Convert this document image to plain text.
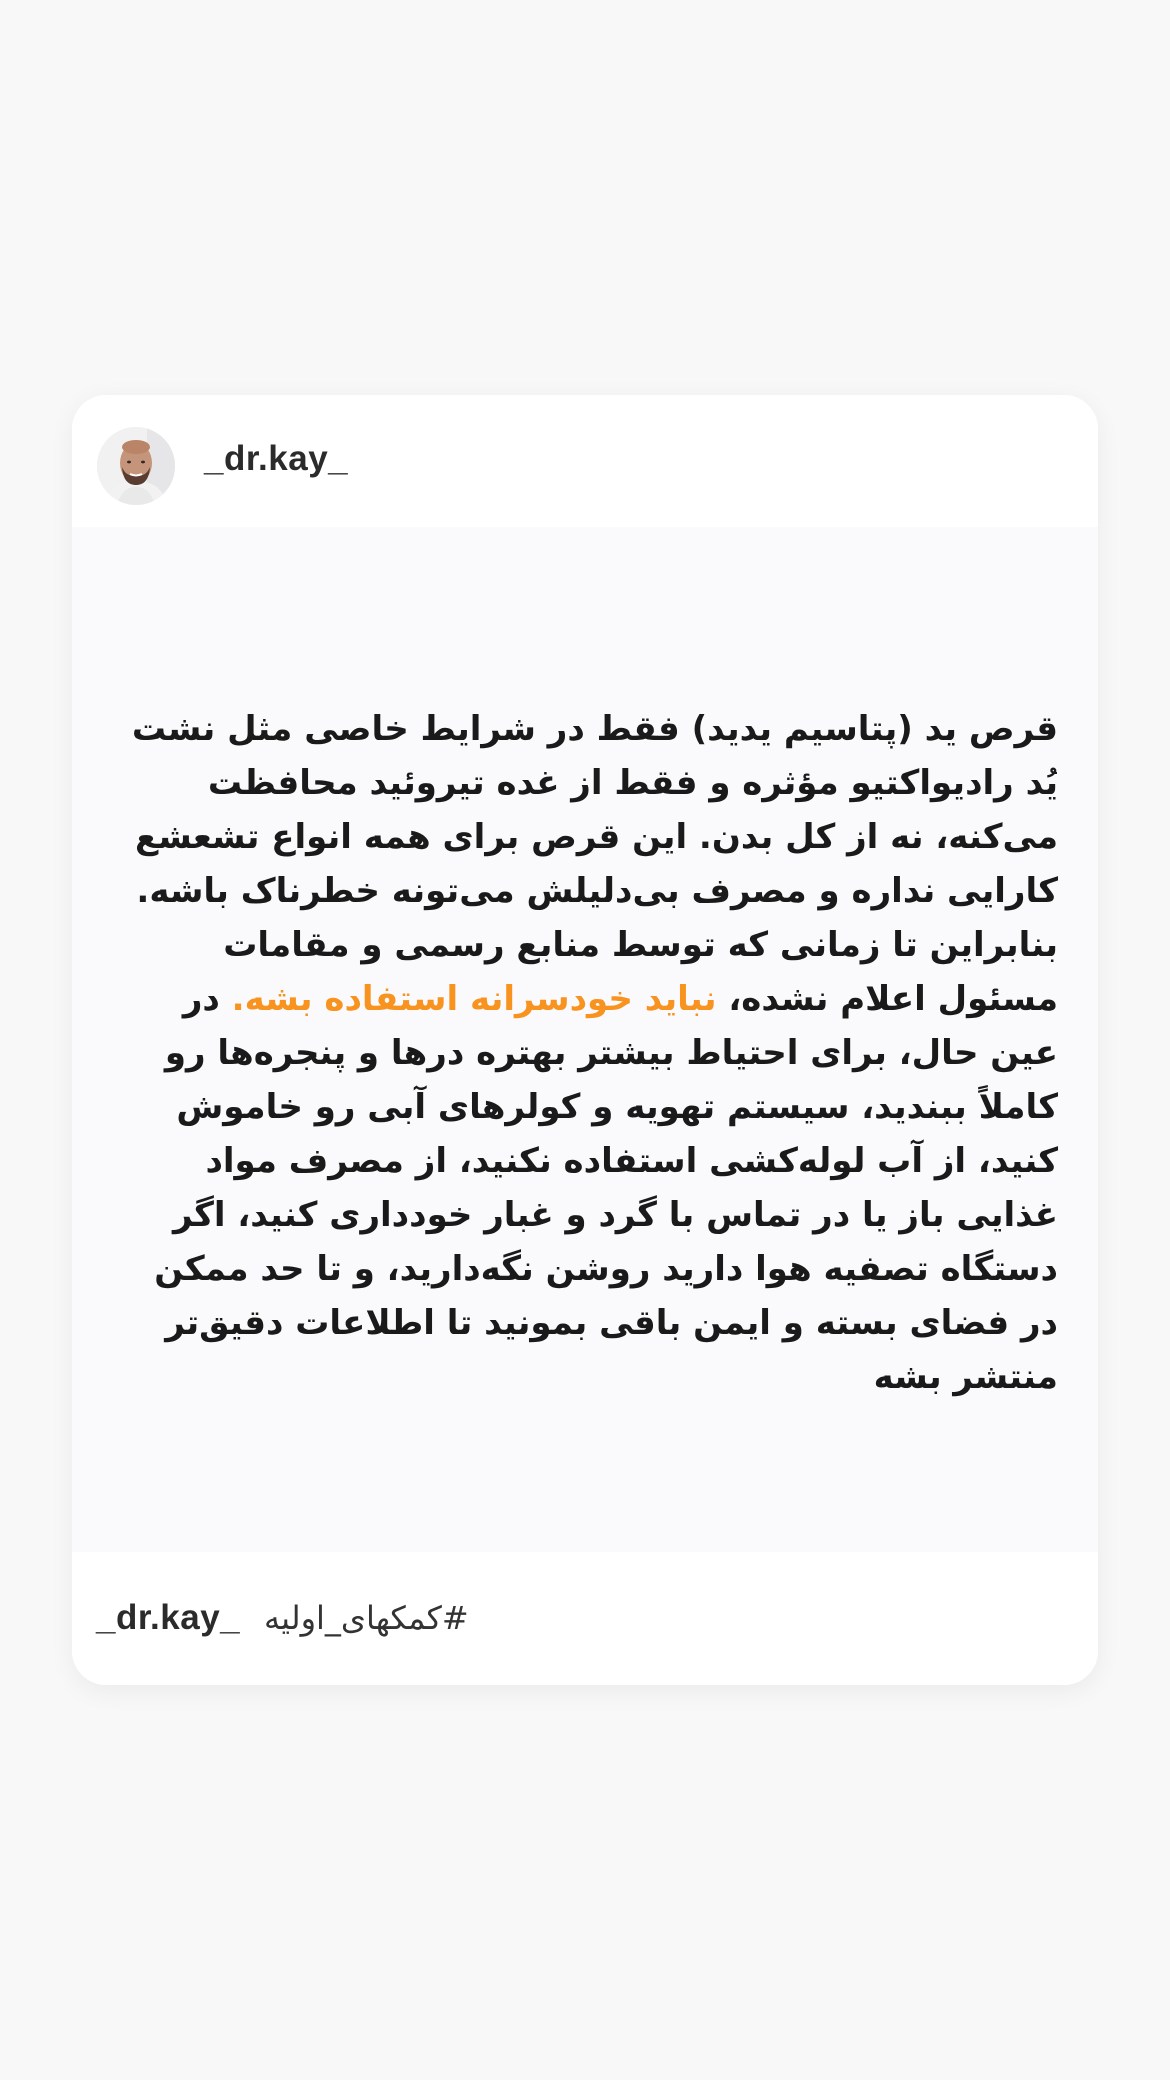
_dr.kay_
قرص ید (پتاسیم یدید) فقط در شرایط خاصی مثل نشت یُد رادیواکتیو مؤثره و فقط از غده تیروئید محافظت می‌کنه، نه از کل بدن. این قرص برای همه انواع تشعشع کارایی نداره و مصرف بی‌دلیلش می‌تونه خطرناک باشه. بنابراین تا زمانی که توسط منابع رسمی و مقامات مسئول اعلام نشده، نباید خودسرانه استفاده بشه. در عین حال، برای احتیاط بیشتر بهتره درها و پنجره‌ها رو کاملاً ببندید، سیستم تهویه و کولرهای آبی رو خاموش کنید، از آب لوله‌کشی استفاده نکنید، از مصرف مواد غذایی باز یا در تماس با گرد و غبار خودداری کنید، اگر دستگاه تصفیه هوا دارید روشن نگه‌دارید، و تا حد ممکن در فضای بسته و ایمن باقی بمونید تا اطلاعات دقیق‌تر منتشر بشه
_dr.kay_ #کمکهای_اولیه
